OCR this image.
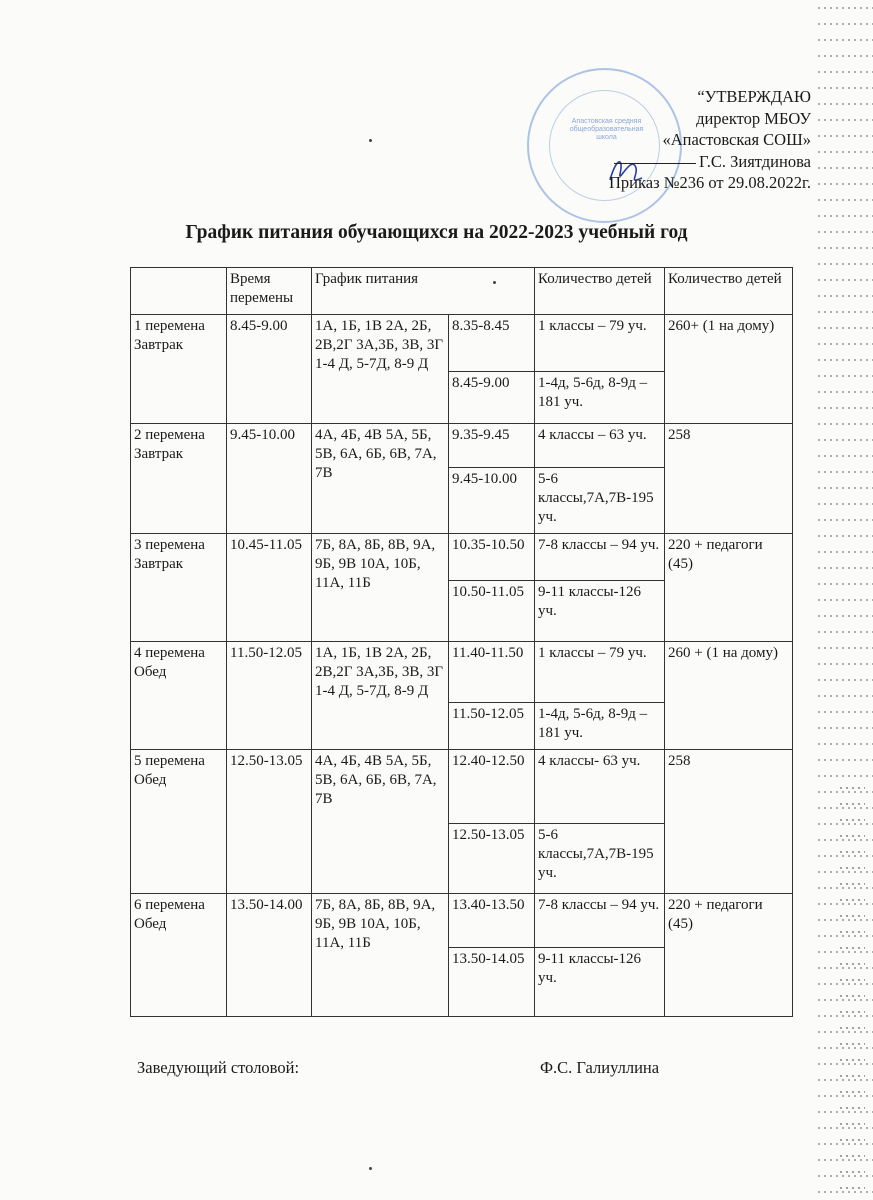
Апастовская средняя общеобразовательная школа
“УТВЕРЖДАЮ
директор МБОУ
«Апастовская СОШ»
Г.С. Зиятдинова
Приказ №236 от 29.08.2022г.
График питания обучающихся на 2022-2023 учебный год
	Время перемены	График питания		Количество детей	Количество детей
1 перемена Завтрак	8.45-9.00	1А, 1Б, 1В 2А, 2Б, 2В,2Г 3А,3Б, 3В, 3Г 1-4 Д, 5-7Д, 8-9 Д	8.35-8.45	1 классы – 79 уч.	260+ (1 на дому)
			8.45-9.00	1-4д, 5-6д, 8-9д – 181 уч.	
2 перемена Завтрак	9.45-10.00	4А, 4Б, 4В 5А, 5Б, 5В, 6А, 6Б, 6В, 7А, 7В	9.35-9.45	4 классы – 63 уч.	258
			9.45-10.00	5-6 классы,7А,7В-195 уч.	
3 перемена Завтрак	10.45-11.05	7Б, 8А, 8Б, 8В, 9А, 9Б, 9В 10А, 10Б, 11А, 11Б	10.35-10.50	7-8 классы – 94 уч.	220 + педагоги (45)
			10.50-11.05	9-11 классы-126 уч.	
4 перемена Обед	11.50-12.05	1А, 1Б, 1В 2А, 2Б, 2В,2Г 3А,3Б, 3В, 3Г 1-4 Д, 5-7Д, 8-9 Д	11.40-11.50	1 классы – 79 уч.	260 + (1 на дому)
			11.50-12.05	1-4д, 5-6д, 8-9д – 181 уч.	
5 перемена Обед	12.50-13.05	4А, 4Б, 4В 5А, 5Б, 5В, 6А, 6Б, 6В, 7А, 7В	12.40-12.50	4 классы- 63 уч.	258
			12.50-13.05	5-6 классы,7А,7В-195 уч.	
6 перемена Обед	13.50-14.00	7Б, 8А, 8Б, 8В, 9А, 9Б, 9В 10А, 10Б, 11А, 11Б	13.40-13.50	7-8 классы – 94 уч.	220 + педагоги (45)
			13.50-14.05	9-11 классы-126 уч.	
Заведующий столовой:	Ф.С. Галиуллина
